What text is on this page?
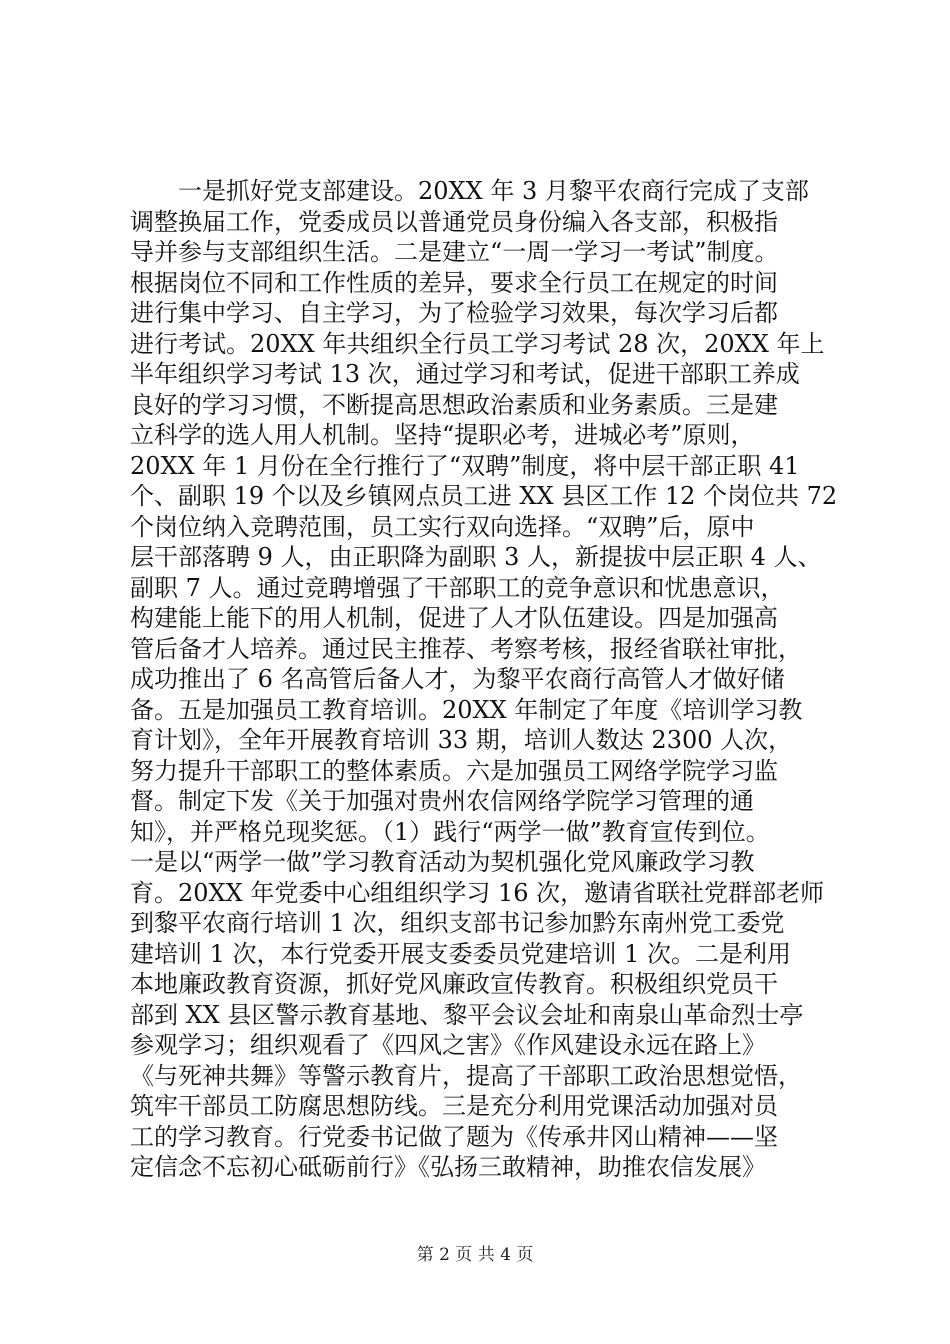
　　一是抓好党支部建设。20XX 年 3 月黎平农商行完成了支部
调整换届工作，党委成员以普通党员身份编入各支部，积极指
导并参与支部组织生活。二是建立“一周一学习一考试”制度。
根据岗位不同和工作性质的差异，要求全行员工在规定的时间
进行集中学习、自主学习，为了检验学习效果，每次学习后都
进行考试。20XX 年共组织全行员工学习考试 28 次，20XX 年上
半年组织学习考试 13 次，通过学习和考试，促进干部职工养成
良好的学习习惯，不断提高思想政治素质和业务素质。三是建
立科学的选人用人机制。坚持“提职必考，进城必考”原则，
20XX 年 1 月份在全行推行了“双聘”制度，将中层干部正职 41
个、副职 19 个以及乡镇网点员工进 XX 县区工作 12 个岗位共 72
个岗位纳入竞聘范围，员工实行双向选择。“双聘”后，原中
层干部落聘 9 人，由正职降为副职 3 人，新提拔中层正职 4 人、
副职 7 人。通过竞聘增强了干部职工的竞争意识和忧患意识，
构建能上能下的用人机制，促进了人才队伍建设。四是加强高
管后备才人培养。通过民主推荐、考察考核，报经省联社审批，
成功推出了 6 名高管后备人才，为黎平农商行高管人才做好储
备。五是加强员工教育培训。20XX 年制定了年度《培训学习教
育计划》，全年开展教育培训 33 期，培训人数达 2300 人次，
努力提升干部职工的整体素质。六是加强员工网络学院学习监
督。制定下发《关于加强对贵州农信网络学院学习管理的通
知》，并严格兑现奖惩。（1）践行“两学一做”教育宣传到位。
一是以“两学一做”学习教育活动为契机强化党风廉政学习教
育。20XX 年党委中心组组织学习 16 次，邀请省联社党群部老师
到黎平农商行培训 1 次，组织支部书记参加黔东南州党工委党
建培训 1 次，本行党委开展支委委员党建培训 1 次。二是利用
本地廉政教育资源，抓好党风廉政宣传教育。积极组织党员干
部到 XX 县区警示教育基地、黎平会议会址和南泉山革命烈士亭
参观学习；组织观看了《四风之害》《作风建设永远在路上》
《与死神共舞》等警示教育片，提高了干部职工政治思想觉悟，
筑牢干部员工防腐思想防线。三是充分利用党课活动加强对员
工的学习教育。行党委书记做了题为《传承井冈山精神——坚
定信念不忘初心砥砺前行》《弘扬三敢精神，助推农信发展》
第 2 页 共 4 页
